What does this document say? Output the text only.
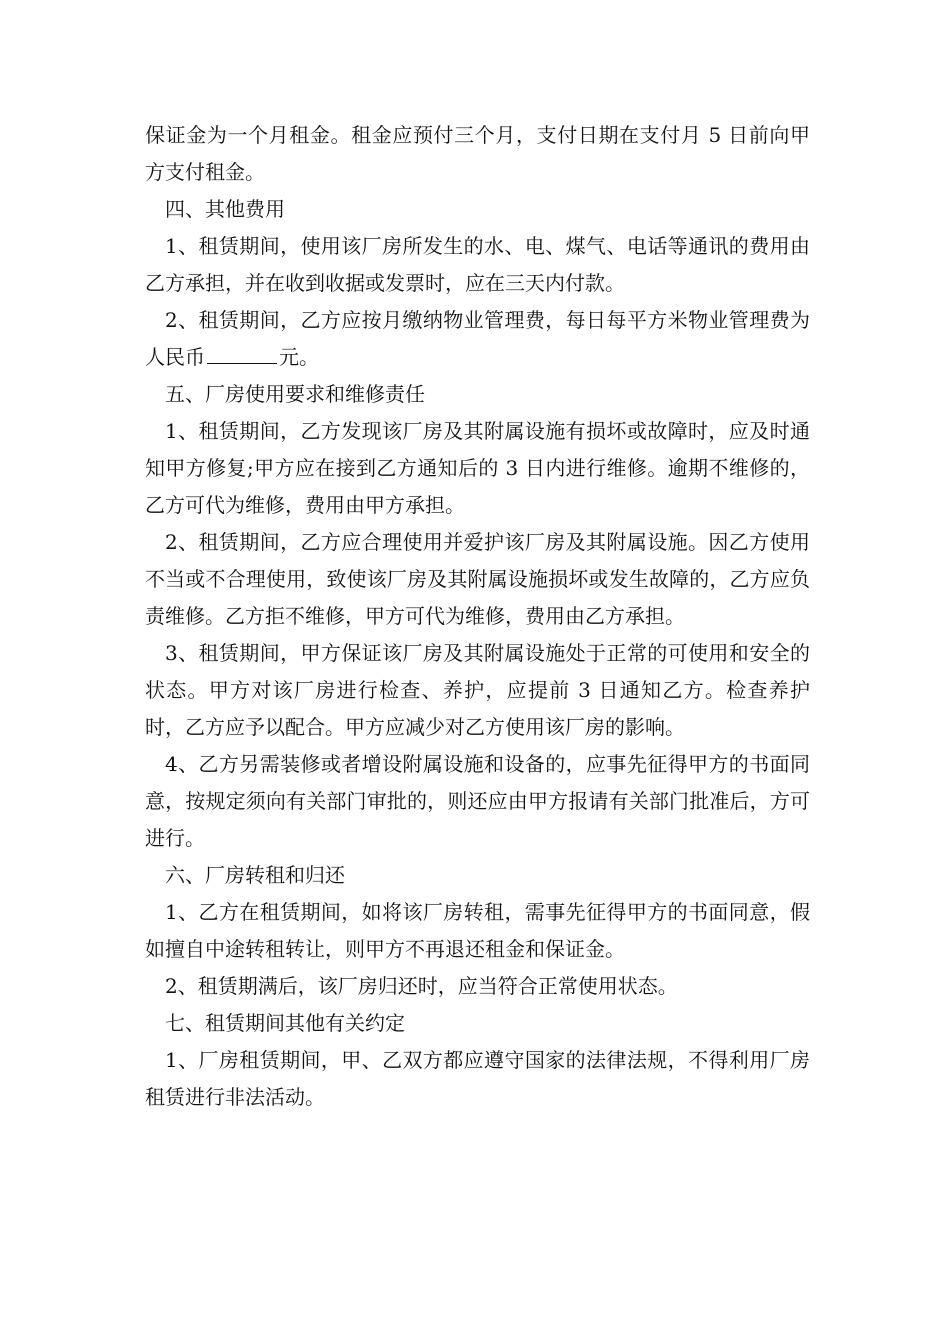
保证金为一个月租金。租金应预付三个月，支付日期在支付月 5 日前向甲方支付租金。

四、其他费用

1、租赁期间，使用该厂房所发生的水、电、煤气、电话等通讯的费用由乙方承担，并在收到收据或发票时，应在三天内付款。

2、租赁期间，乙方应按月缴纳物业管理费，每日每平方米物业管理费为人民币	元。

五、厂房使用要求和维修责任

1、租赁期间，乙方发现该厂房及其附属设施有损坏或故障时，应及时通知甲方修复;甲方应在接到乙方通知后的 3 日内进行维修。逾期不维修的，乙方可代为维修，费用由甲方承担。

2、租赁期间，乙方应合理使用并爱护该厂房及其附属设施。因乙方使用不当或不合理使用，致使该厂房及其附属设施损坏或发生故障的，乙方应负责维修。乙方拒不维修，甲方可代为维修，费用由乙方承担。

3、租赁期间，甲方保证该厂房及其附属设施处于正常的可使用和安全的状态。甲方对该厂房进行检查、养护，应提前 3 日通知乙方。检查养护时，乙方应予以配合。甲方应减少对乙方使用该厂房的影响。

4、乙方另需装修或者增设附属设施和设备的，应事先征得甲方的书面同意，按规定须向有关部门审批的，则还应由甲方报请有关部门批准后，方可进行。

六、厂房转租和归还

1、乙方在租赁期间，如将该厂房转租，需事先征得甲方的书面同意，假如擅自中途转租转让，则甲方不再退还租金和保证金。

2、租赁期满后，该厂房归还时，应当符合正常使用状态。

七、租赁期间其他有关约定

1、厂房租赁期间，甲、乙双方都应遵守国家的法律法规，不得利用厂房租赁进行非法活动。
